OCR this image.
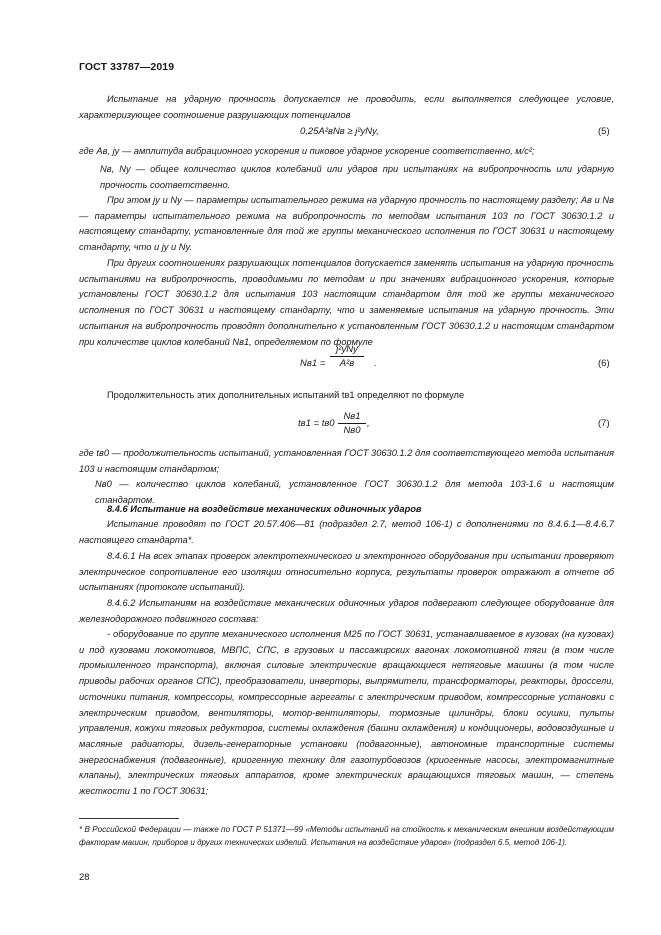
ГОСТ 33787—2019
Испытание на ударную прочность допускается не проводить, если выполняется следующее условие, характеризующее соотношение разрушающих потенциалов
0,25A²вNв ≥ j²yNy,	(5)
где Aв, jy — амплитуда вибрационного ускорения и пиковое ударное ускорение соответственно, м/с²;
Nв, Ny — общее количество циклов колебаний или ударов при испытаниях на вибропрочность или ударную прочность соответственно.
При этом jy и Ny — параметры испытательного режима на ударную прочность по настоящему разделу; Aв и Nв — параметры испытательного режима на вибропрочность по методам испытания 103 по ГОСТ 30630.1.2 и настоящему стандарту, установленные для той же группы механического исполнения по ГОСТ 30631 и настоящему стандарту, что и jy и Ny.
При других соотношениях разрушающих потенциалов допускается заменять испытания на ударную прочность испытаниями на вибропрочность, проводимыми по методам и при значениях вибрационного ускорения, которые установлены ГОСТ 30630.1.2 для испытания 103 настоящим стандартом для той же группы механического исполнения по ГОСТ 30631 и настоящему стандарту, что и заменяемые испытания на ударную прочность. Эти испытания на вибропрочность проводят дополнительно к установленным ГОСТ 30630.1.2 и настоящим стандартом при количестве циклов колебаний Nв1, определяемом по формуле
Nв1 =
j²yNy
A²в	.	(6)
Продолжительность этих дополнительных испытаний tв1 определяют по формуле
tв1 = tв0
Nв1
Nв0
,	(7)
где tв0 — продолжительность испытаний, установленная ГОСТ 30630.1.2 для соответствующего метода испытания 103 и настоящим стандартом;
Nв0 — количество циклов колебаний, установленное ГОСТ 30630.1.2 для метода 103-1.6 и настоящим стандартом.
8.4.6 Испытание на воздействие механических одиночных ударов
Испытание проводят по ГОСТ 20.57.406—81 (подраздел 2.7, метод 106-1) с дополнениями по 8.4.6.1—8.4.6.7 настоящего стандарта*.
8.4.6.1 На всех этапах проверок электротехнического и электронного оборудования при испытании проверяют электрическое сопротивление его изоляции относительно корпуса, результаты проверок отражают в отчете об испытаниях (протоколе испытаний).
8.4.6.2 Испытаниям на воздействие механических одиночных ударов подвергают следующее оборудование для железнодорожного подвижного состава:
- оборудование по группе механического исполнения М25 по ГОСТ 30631, устанавливаемое в кузовах (на кузовах) и под кузовами локомотивов, МВПС, СПС, в грузовых и пассажирских вагонах локомотивной тяги (в том числе промышленного транспорта), включая силовые электрические вращающиеся нетяговые машины (в том числе приводы рабочих органов СПС), преобразователи, инверторы, выпрямители, трансформаторы, реакторы, дроссели, источники питания, компрессоры, компрессорные агрегаты с электрическим приводом, компрессорные установки с электрическим приводом, вентиляторы, мотор-вентиляторы, тормозные цилиндры, блоки осушки, пульты управления, кожухи тяговых редукторов, системы охлаждения (башни охлаждения) и кондиционеры, водовоздушные и масляные радиаторы, дизель-генераторные установки (подвагонные), автономные транспортные системы энергоснабжения (подвагонные), криогенную технику для газотурбовозов (криогенные насосы, электромагнитные клапаны), электрических тяговых аппаратов, кроме электрических вращающихся тяговых машин, — степень жесткости 1 по ГОСТ 30631;
* В Российской Федерации — также по ГОСТ Р 51371—99 «Методы испытаний на стойкость к механическим внешним воздействующим факторам машин, приборов и других технических изделий. Испытания на воздействие ударов» (подраздел 6.5, метод 106-1).
28
